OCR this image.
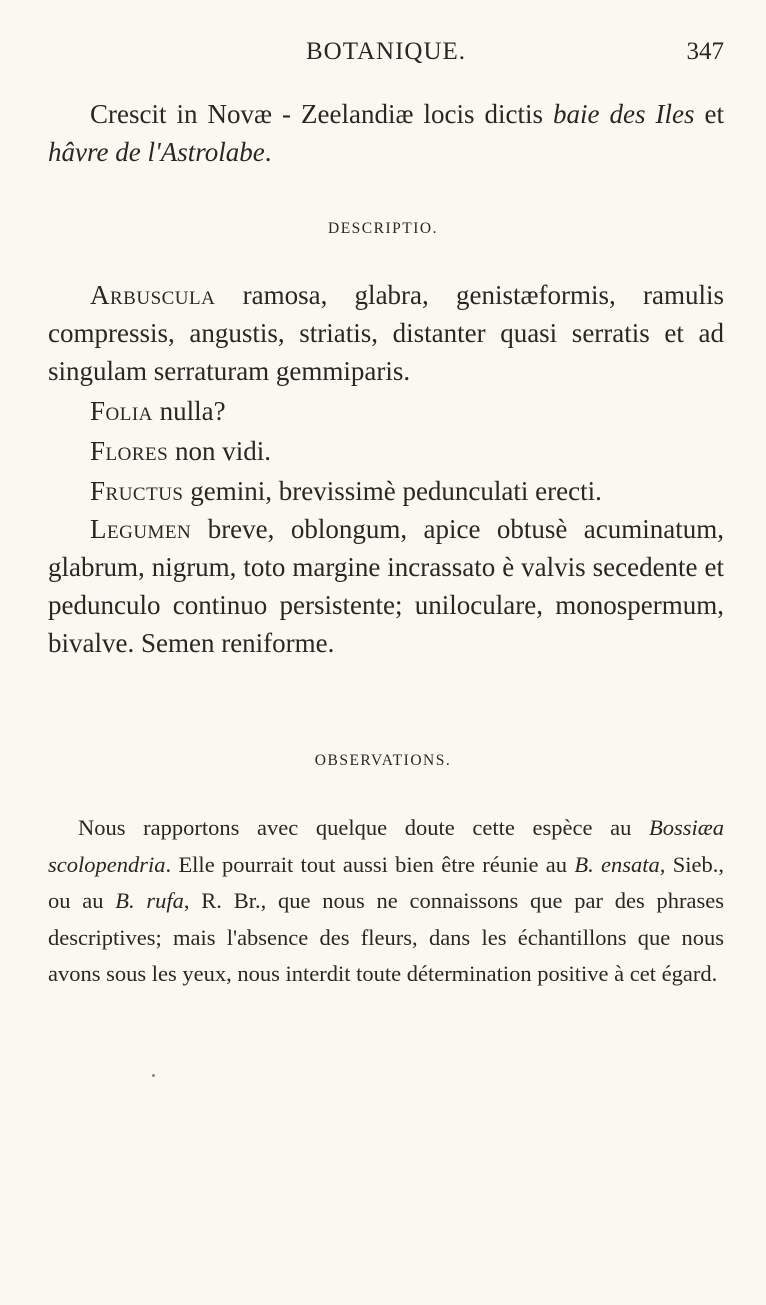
BOTANIQUE.	347
Crescit in Novæ - Zeelandiæ locis dictis baie des Iles et hâvre de l'Astrolabe.
DESCRIPTIO.
Arbuscula ramosa, glabra, genistæformis, ramulis compressis, angustis, striatis, distanter quasi serratis et ad singulam serraturam gemmiparis.
Folia nulla?
Flores non vidi.
Fructus gemini, brevissimè pedunculati erecti.
Legumen breve, oblongum, apice obtusè acuminatum, glabrum, nigrum, toto margine incrassato è valvis secedente et pedunculo continuo persistente; uniloculare, monospermum, bivalve. Semen reniforme.
OBSERVATIONS.
Nous rapportons avec quelque doute cette espèce au Bossiæa scolopendria. Elle pourrait tout aussi bien être réunie au B. ensata, Sieb., ou au B. rufa, R. Br., que nous ne connaissons que par des phrases descriptives; mais l'absence des fleurs, dans les échantillons que nous avons sous les yeux, nous interdit toute détermination positive à cet égard.
